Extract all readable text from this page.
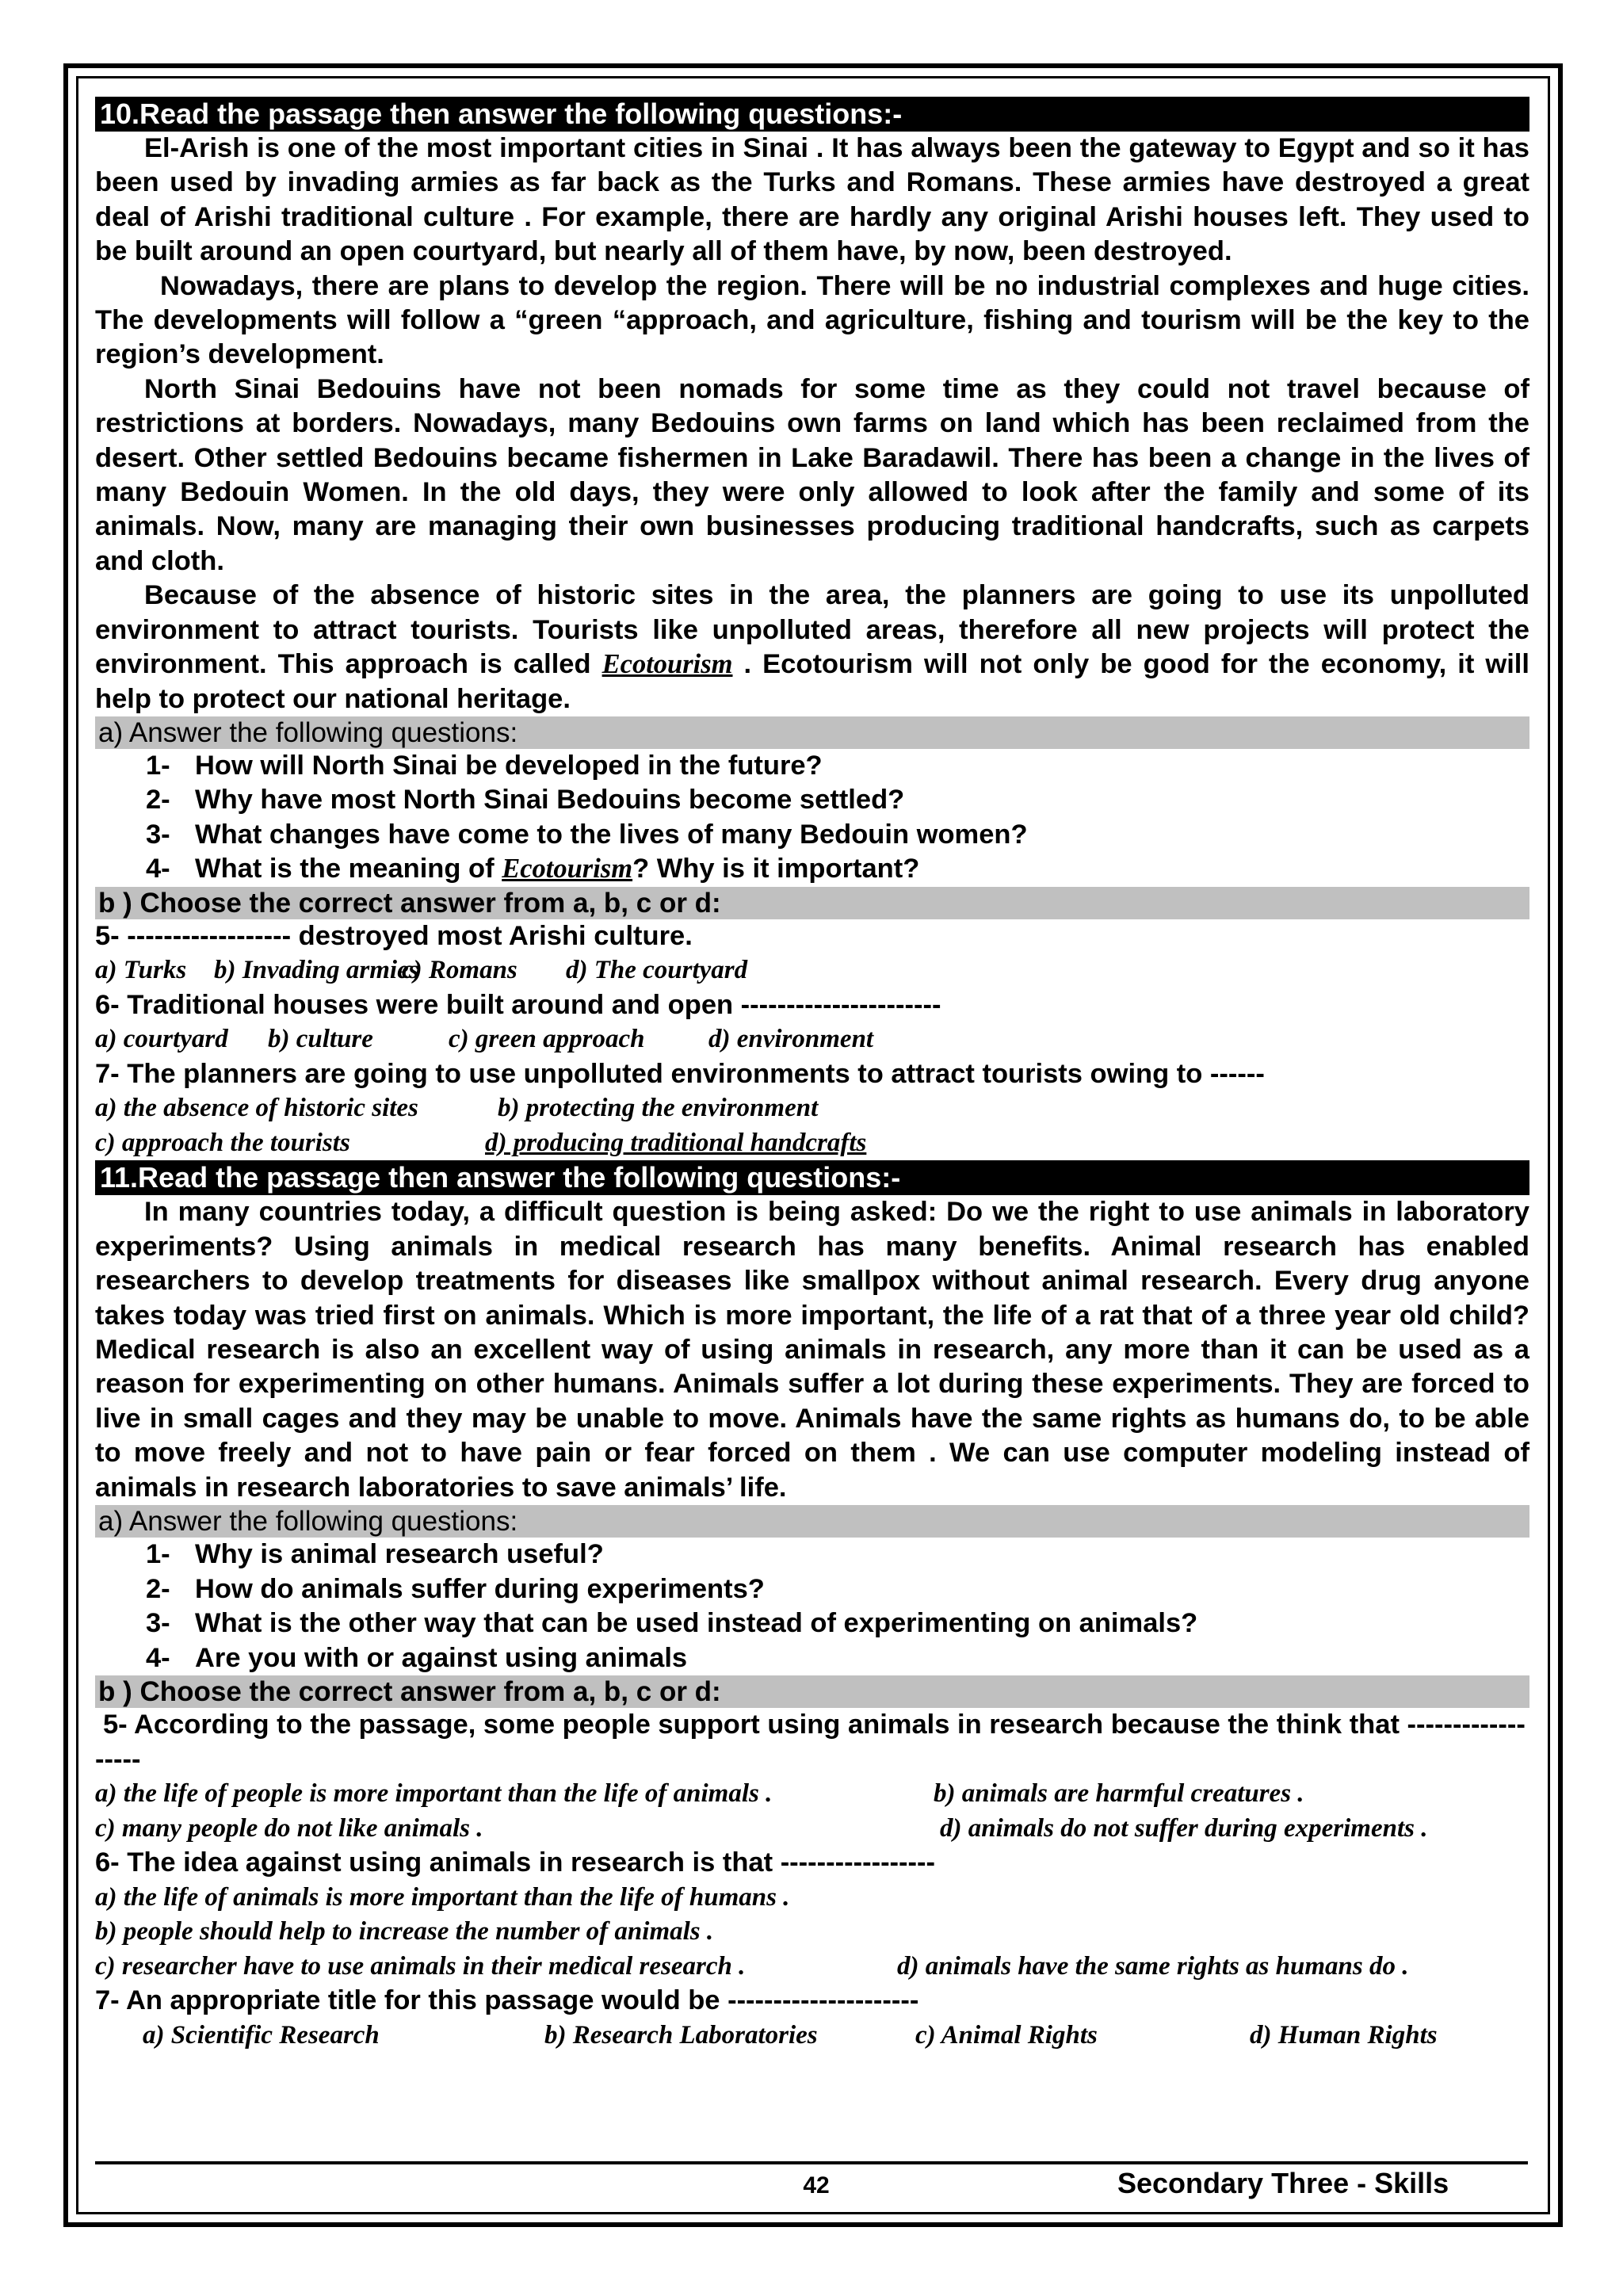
10.Read the passage then answer the following questions:-

El-Arish is one of the most important cities in Sinai . It has always been the gateway to Egypt and so it has been used by invading armies as far back as the Turks and Romans. These armies have destroyed a great deal of Arishi traditional culture . For example, there are hardly any original Arishi houses left. They used to be built around an open courtyard, but nearly all of them have, by now, been destroyed.

Nowadays, there are plans to develop the region. There will be no industrial complexes and huge cities. The developments will follow a “green “approach, and agriculture, fishing and tourism will be the key to the region’s development.

North Sinai Bedouins have not been nomads for some time as they could not travel because of restrictions at borders. Nowadays, many Bedouins own farms on land which has been reclaimed from the desert. Other settled Bedouins became fishermen in Lake Baradawil. There has been a change in the lives of many Bedouin Women. In the old days, they were only allowed to look after the family and some of its animals. Now, many are managing their own businesses producing traditional handcrafts, such as carpets and cloth.

Because of the absence of historic sites in the area, the planners are going to use its unpolluted environment to attract tourists. Tourists like unpolluted areas, therefore all new projects will protect the environment. This approach is called Ecotourism . Ecotourism will not only be good for the economy, it will help to protect our national heritage.

a) Answer the following questions:
1- How will North Sinai be developed in the future?
2- Why have most North Sinai Bedouins become settled?
3- What changes have come to the lives of many Bedouin women?
4- What is the meaning of Ecotourism? Why is it important?
b ) Choose the correct answer from a, b, c or d:
5- ------------------ destroyed most Arishi culture.
a) Turks b) Invading armies
c) Romans d) The courtyard
6- Traditional houses were built around and open ----------------------
a) courtyard b) culture	c) green approach d) environment
7- The planners are going to use unpolluted environments to attract tourists owing to ------
a) the absence of historic sites	b) protecting the environment
c) approach the tourists	d) producing traditional handcrafts
11.Read the passage then answer the following questions:-

In many countries today, a difficult question is being asked: Do we the right to use animals in laboratory experiments? Using animals in medical research has many benefits. Animal research has enabled researchers to develop treatments for diseases like smallpox without animal research. Every drug anyone takes today was tried first on animals. Which is more important, the life of a rat that of a three year old child? Medical research is also an excellent way of using animals in research, any more than it can be used as a reason for experimenting on other humans. Animals suffer a lot during these experiments. They are forced to live in small cages and they may be unable to move. Animals have the same rights as humans do, to be able to move freely and not to have pain or fear forced on them . We can use computer modeling instead of animals in research laboratories to save animals’ life.

a) Answer the following questions:
1- Why is animal research useful?
2- How do animals suffer during experiments?
3- What is the other way that can be used instead of experimenting on animals?
4- Are you with or against using animals
b ) Choose the correct answer from a, b, c or d:
5- According to the passage, some people support using animals in research because the think that ------------------
a) the life of people is more important than the life of animals .	b) animals are harmful creatures .
c) many people do not like animals .	d) animals do not suffer during experiments .
6- The idea against using animals in research is that -----------------
a) the life of animals is more important than the life of humans .
b) people should help to increase the number of animals .
c) researcher have to use animals in their medical research .	d) animals have the same rights as humans do .
7- An appropriate title for this passage would be ---------------------
a) Scientific Research	b) Research Laboratories	c) Animal Rights	d) Human Rights
42	Secondary Three - Skills
